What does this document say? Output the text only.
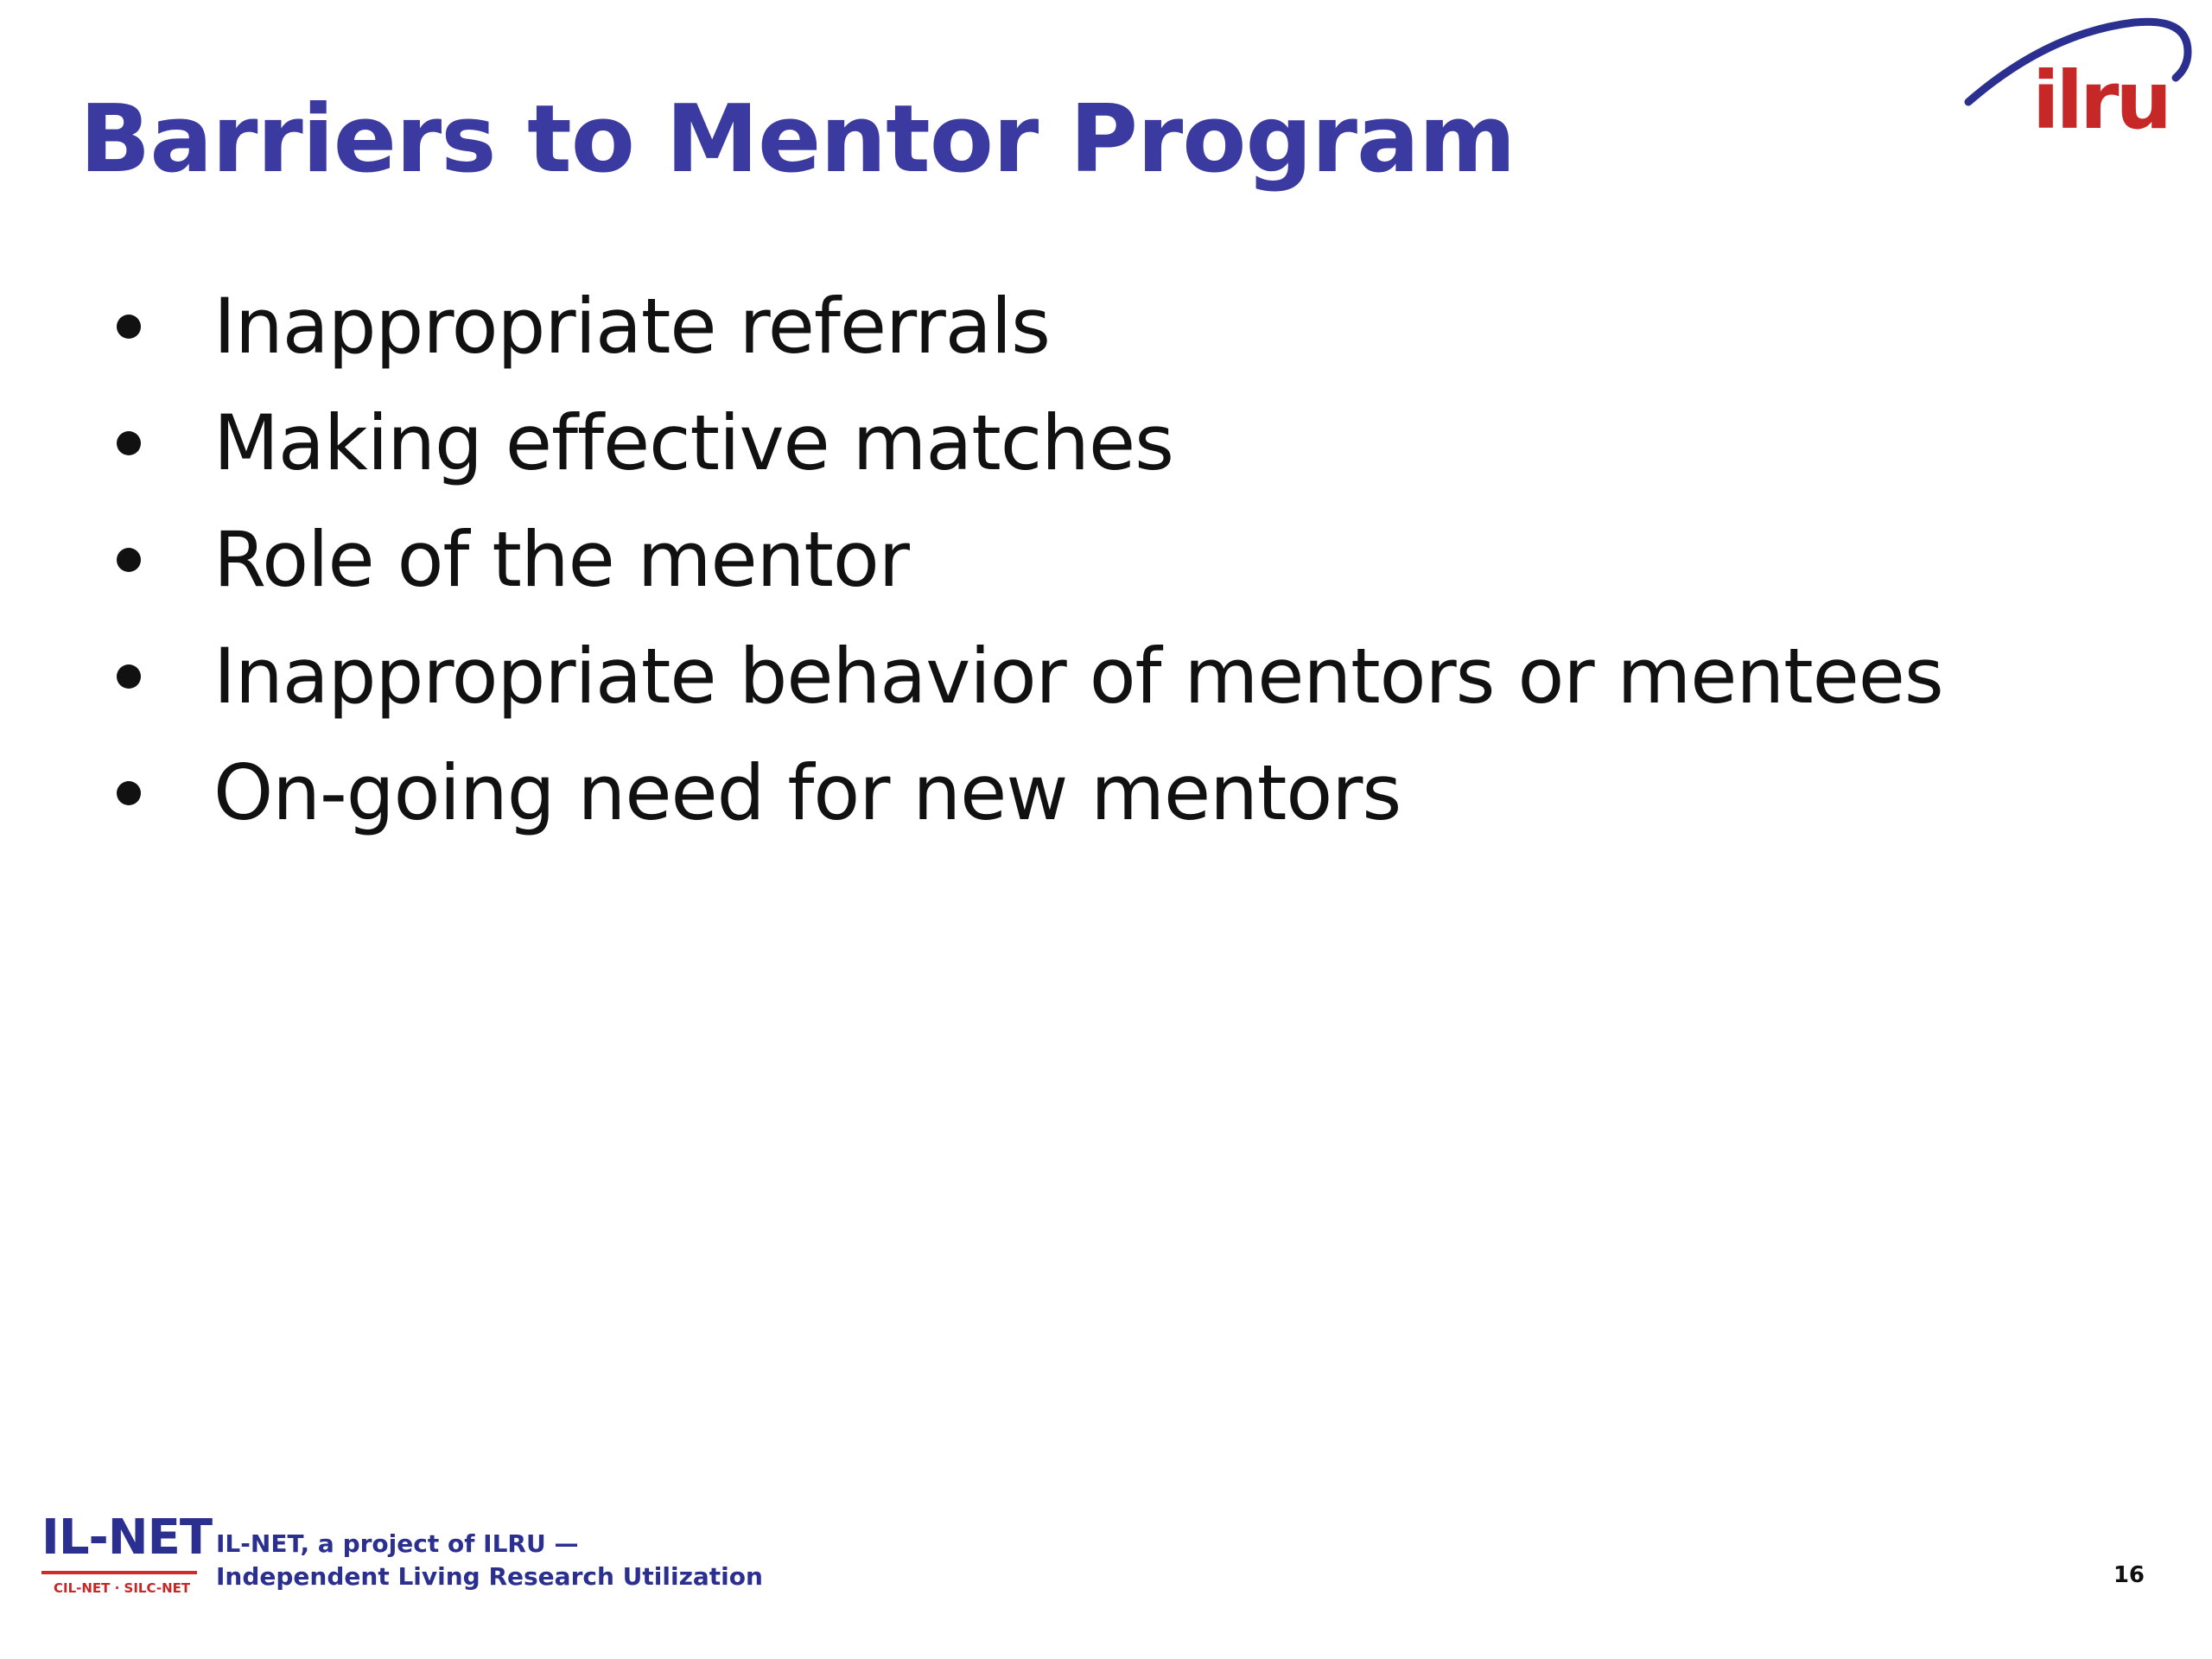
Barriers to Mentor Program	ilru
Inappropriate referrals
Making effective matches
Role of the mentor
Inappropriate behavior of mentors or mentees
On-going need for new mentors
IL-NET
CIL-NET · SILC-NET
IL-NET, a project of ILRU —
Independent Living Research Utilization	16
